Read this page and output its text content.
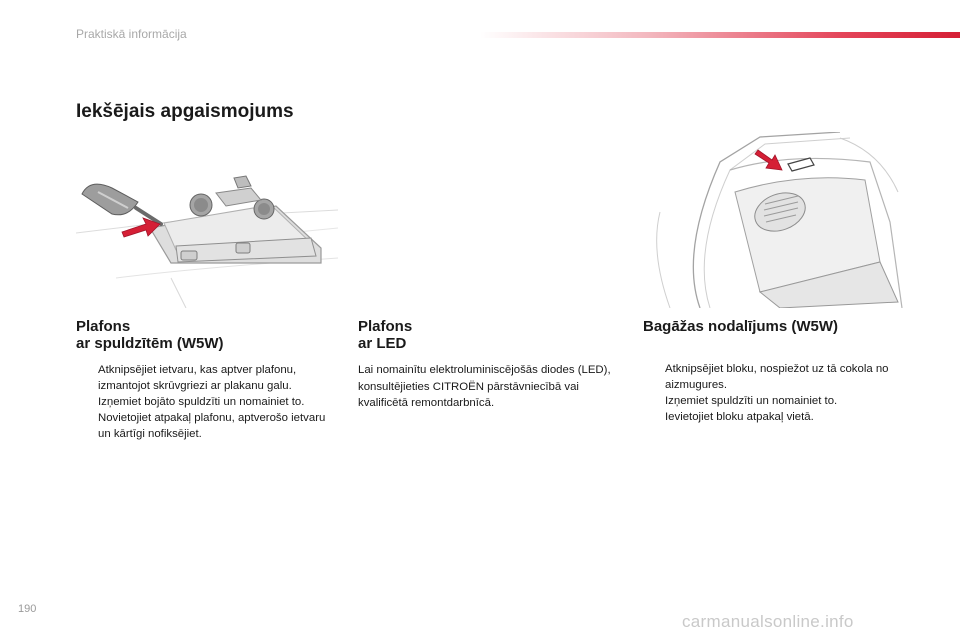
Praktiskā informācija
Iekšējais apgaismojums
Plafons
ar spuldzītēm (W5W)
Atknipsējiet ietvaru, kas aptver plafonu, izmantojot skrūvgriezi ar plakanu galu.
Izņemiet bojāto spuldzīti un nomainiet to.
Novietojiet atpakaļ plafonu, aptverošo ietvaru un kārtīgi nofiksējiet.
Plafons
ar LED

Lai nomainītu elektroluminiscējošās diodes (LED), konsultējieties CITROËN pārstāvniecībā vai kvalificētā remontdarbnīcā.

Bagāžas nodalījums (W5W)
Atknipsējiet bloku, nospiežot uz tā cokola no aizmugures.
Izņemiet spuldzīti un nomainiet to.
Ievietojiet bloku atpakaļ vietā.
190
carmanualsonline.info
